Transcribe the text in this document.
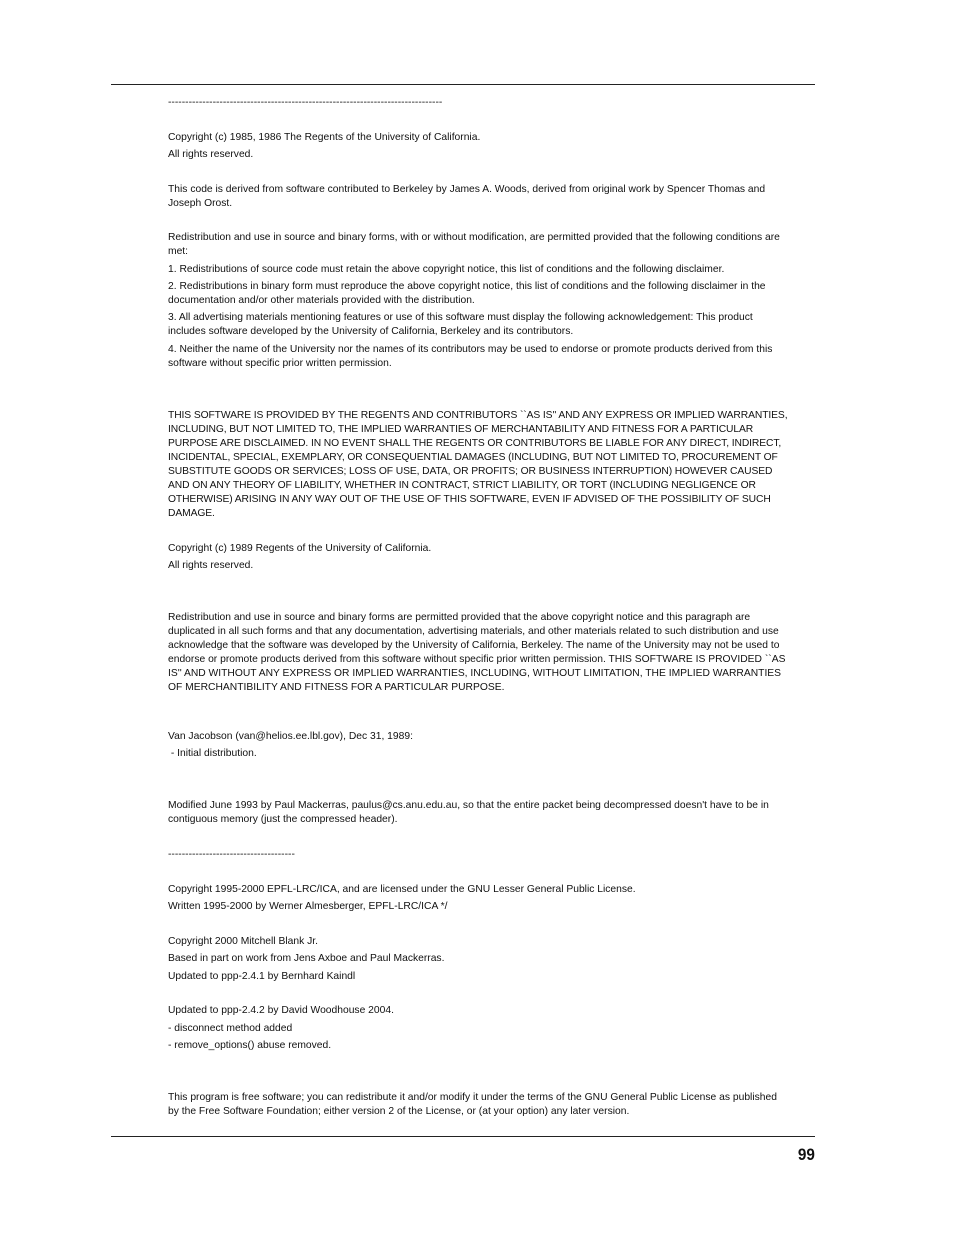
--------------------------------------------------------------------------------

Copyright (c) 1985, 1986 The Regents of the University of California.

All rights reserved.

This code is derived from software contributed to Berkeley by James A. Woods, derived from original work by Spencer Thomas and Joseph Orost.

Redistribution and use in source and binary forms, with or without modification, are permitted provided that the following conditions are met:

1. Redistributions of source code must retain the above copyright notice, this list of conditions and the following disclaimer.

2. Redistributions in binary form must reproduce the above copyright notice, this list of conditions and the following disclaimer in the documentation and/or other materials provided with the distribution.

3. All advertising materials mentioning features or use of this software must display the following acknowledgement: This product includes software developed by the University of California, Berkeley and its contributors.

4. Neither the name of the University nor the names of its contributors may be used to endorse or promote products derived from this software without specific prior written permission.

THIS SOFTWARE IS PROVIDED BY THE REGENTS AND CONTRIBUTORS ``AS IS'' AND ANY EXPRESS OR IMPLIED WARRANTIES, INCLUDING, BUT NOT LIMITED TO, THE IMPLIED WARRANTIES OF MERCHANTABILITY AND FITNESS FOR A PARTICULAR PURPOSE ARE DISCLAIMED. IN NO EVENT SHALL THE REGENTS OR CONTRIBUTORS BE LIABLE FOR ANY DIRECT, INDIRECT, INCIDENTAL, SPECIAL, EXEMPLARY, OR CONSEQUENTIAL DAMAGES (INCLUDING, BUT NOT LIMITED TO, PROCUREMENT OF SUBSTITUTE GOODS OR SERVICES; LOSS OF USE, DATA, OR PROFITS; OR BUSINESS INTERRUPTION) HOWEVER CAUSED AND ON ANY THEORY OF LIABILITY, WHETHER IN CONTRACT, STRICT LIABILITY, OR TORT (INCLUDING NEGLIGENCE OR OTHERWISE) ARISING IN ANY WAY OUT OF THE USE OF THIS SOFTWARE, EVEN IF ADVISED OF THE POSSIBILITY OF SUCH DAMAGE.

Copyright (c) 1989 Regents of the University of California.

All rights reserved.

Redistribution and use in source and binary forms are permitted provided that the above copyright notice and this paragraph are duplicated in all such forms and that any documentation, advertising materials, and other materials related to such distribution and use acknowledge that the software was developed by the University of California, Berkeley. The name of the University may not be used to endorse or promote products derived from this software without specific prior written permission. THIS SOFTWARE IS PROVIDED ``AS IS'' AND WITHOUT ANY EXPRESS OR IMPLIED WARRANTIES, INCLUDING, WITHOUT LIMITATION, THE IMPLIED WARRANTIES OF MERCHANTIBILITY AND FITNESS FOR A PARTICULAR PURPOSE.

Van Jacobson (van@helios.ee.lbl.gov), Dec 31, 1989:

- Initial distribution.

Modified June 1993 by Paul Mackerras, paulus@cs.anu.edu.au, so that the entire packet being decompressed doesn't have to be in contiguous memory (just the compressed header).

-------------------------------------

Copyright 1995-2000 EPFL-LRC/ICA, and are licensed under the GNU Lesser General Public License.

Written 1995-2000 by Werner Almesberger, EPFL-LRC/ICA */

Copyright 2000 Mitchell Blank Jr.

Based in part on work from Jens Axboe and Paul Mackerras.

Updated to ppp-2.4.1 by Bernhard Kaindl

Updated to ppp-2.4.2 by David Woodhouse 2004.

- disconnect method added

- remove_options() abuse removed.

This program is free software; you can redistribute it and/or modify it under the terms of the GNU General Public License as published by the Free Software Foundation; either version 2 of the License, or (at your option) any later version.

99
